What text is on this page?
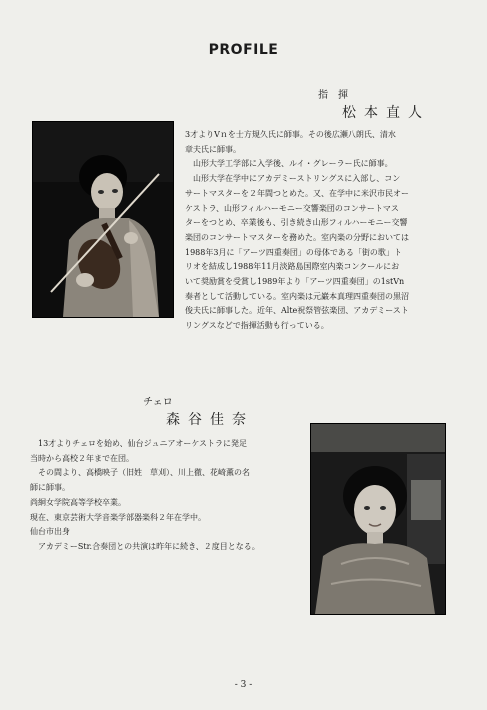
PROFILE
指　揮
松本直人

3才よりVｎを士方規久氏に師事。その後広瀬八朗氏、清水

章夫氏に師事。

　山形大学工学部に入学後、ルイ・グレーラー氏に師事。

　山形大学在学中にアカデミーストリングスに入部し、コン

サートマスターを２年間つとめた。又、在学中に米沢市民オー

ケストラ、山形フィルハーモニー交響楽団のコンサートマス

ターをつとめ、卒業後も、引き続き山形フィルハーモニー交響

楽団のコンサートマスターを務めた。室内楽の分野においては

1988年3月に「アーツ四重奏団」の母体である「街の歌」ト

リオを結成し1988年11月淡路島国際室内楽コンクールにお

いて奨励賞を受賞し1989年より「アーツ四重奏団」の1stVn

奏者として活動している。室内楽は元巌本真理四重奏団の黒沼

俊夫氏に師事した。近年、Alte祝祭管弦楽団、アカデミースト

リングスなどで指揮活動も行っている。

チェロ
森谷佳奈

　13才よりチェロを始め、仙台ジュニアオーケストラに発足

当時から高校２年まで在団。

　その間より、高橋映子（旧姓　草刈）、川上徹、花崎薫の名

師に師事。

尚絅女学院高等学校卒業。

現在、東京芸術大学音楽学部器楽科２年在学中。

仙台市出身

　アカデミーStr.合奏団との共演は昨年に続き、２度目となる。

- 3 -
